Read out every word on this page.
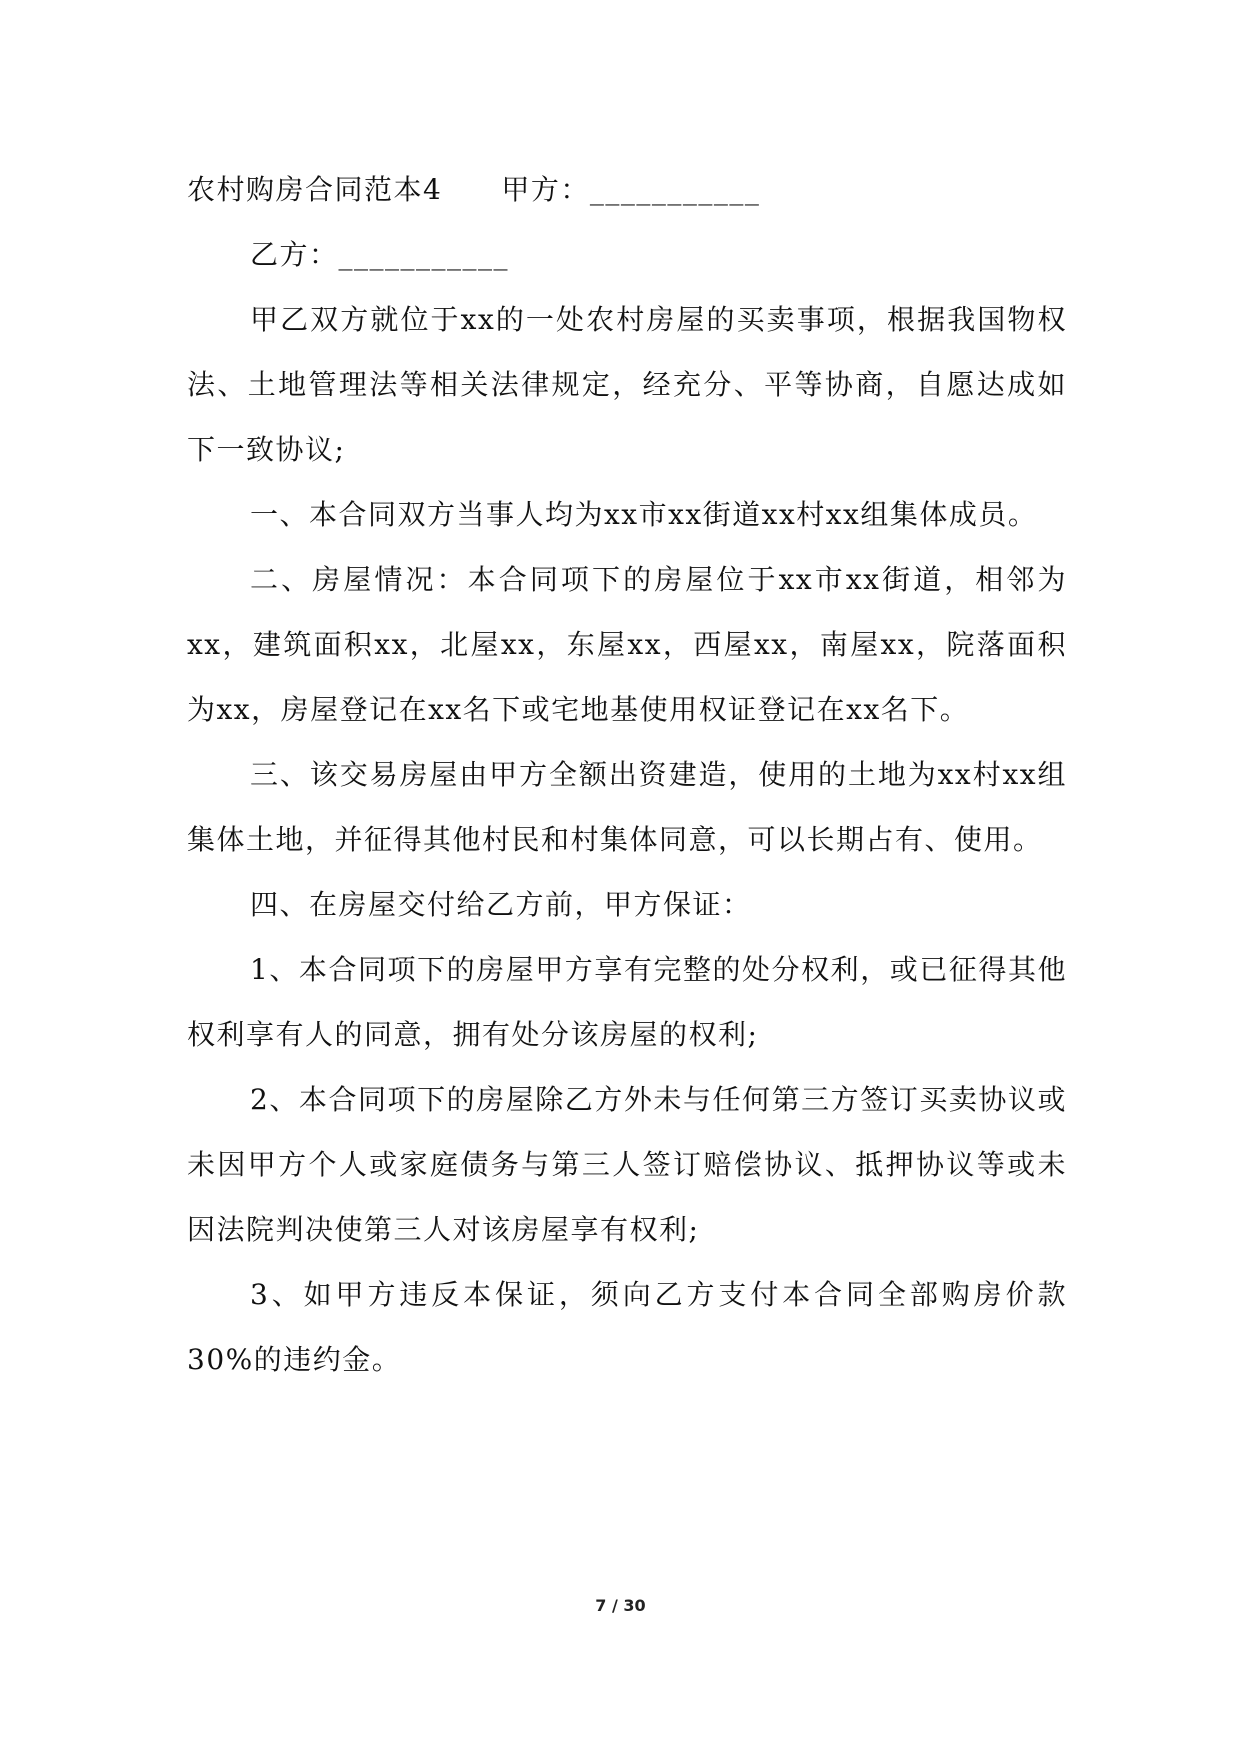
农村购房合同范本4　　甲方：___________

乙方：___________

甲乙双方就位于xx的一处农村房屋的买卖事项，根据我国物权法、土地管理法等相关法律规定，经充分、平等协商，自愿达成如下一致协议;

一、本合同双方当事人均为xx市xx街道xx村xx组集体成员。

二、房屋情况：本合同项下的房屋位于xx市xx街道，相邻为xx，建筑面积xx，北屋xx，东屋xx，西屋xx，南屋xx，院落面积为xx，房屋登记在xx名下或宅地基使用权证登记在xx名下。

三、该交易房屋由甲方全额出资建造，使用的土地为xx村xx组集体土地，并征得其他村民和村集体同意，可以长期占有、使用。

四、在房屋交付给乙方前，甲方保证：

1、本合同项下的房屋甲方享有完整的处分权利，或已征得其他权利享有人的同意，拥有处分该房屋的权利;

2、本合同项下的房屋除乙方外未与任何第三方签订买卖协议或未因甲方个人或家庭债务与第三人签订赔偿协议、抵押协议等或未因法院判决使第三人对该房屋享有权利;

3、如甲方违反本保证，须向乙方支付本合同全部购房价款30%的违约金。

7 / 30
